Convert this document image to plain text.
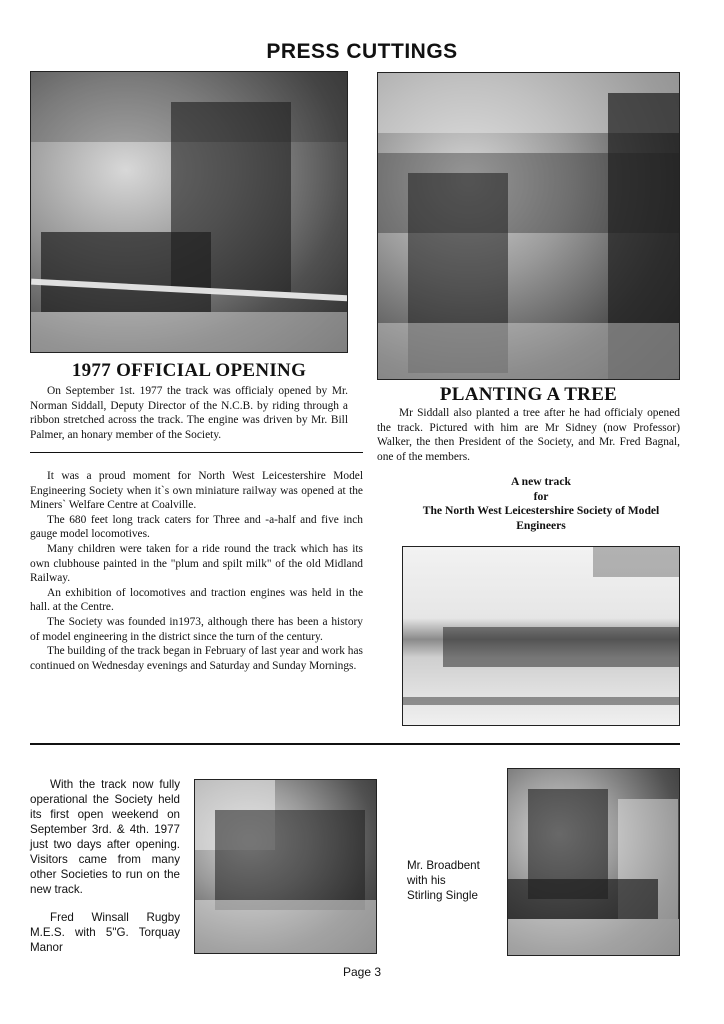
PRESS CUTTINGS
1977 OFFICIAL OPENING
On September 1st. 1977 the track was officialy opened by Mr. Norman Siddall, Deputy Director of the N.C.B. by riding through a ribbon stretched across the track. The engine was driven by Mr. Bill Palmer, an honary member of the Society.
PLANTING A TREE
Mr Siddall also planted a tree after he had officialy opened the track. Pictured with him are Mr Sidney (now Professor) Walker, the then President of the Society, and Mr. Fred Bagnal, one of the members.

It was a proud moment for North West Leicestershire Model Engineering Society when it`s own miniature railway was opened at the Miners` Welfare Centre at Coalville.

The 680 feet long track caters for Three and -a-half and five inch gauge model locomotives.

Many children were taken for a ride round the track which has its own clubhouse painted in the "plum and spilt milk" of the old Midland Railway.

An exhibition of locomotives and traction engines was held in the hall. at the Centre.

The Society was founded in1973, although there has been a history of model engineering in the district since the turn of the century.

The building of the track began in February of last year and work has continued on Wednesday evenings and Saturday and Sunday Mornings.

A new track
for
The North West Leicestershire Society of Model Engineers
With the track now fully operational the Society held its first open weekend on September 3rd. & 4th. 1977 just two days after opening. Visitors came from many other Societies to run on the new track.
Fred Winsall Rugby M.E.S. with 5"G. Torquay Manor
Mr. Broadbent
with his
Stirling Single
Page 3
